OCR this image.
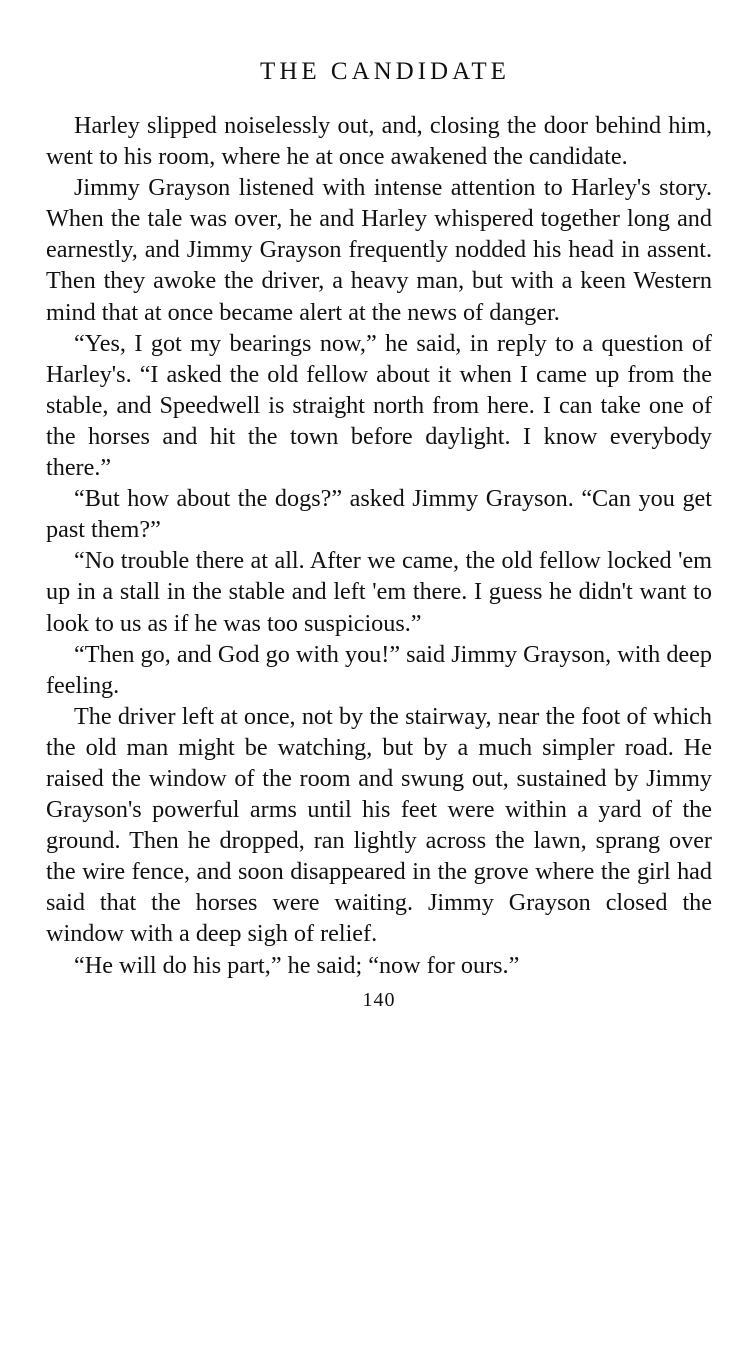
THE CANDIDATE

Harley slipped noiselessly out, and, closing the door behind him, went to his room, where he at once awakened the candidate.

Jimmy Grayson listened with intense attention to Harley's story. When the tale was over, he and Harley whispered together long and earnestly, and Jimmy Grayson frequently nodded his head in assent. Then they awoke the driver, a heavy man, but with a keen Western mind that at once became alert at the news of danger.

“Yes, I got my bearings now,” he said, in reply to a question of Harley's. “I asked the old fellow about it when I came up from the stable, and Speedwell is straight north from here. I can take one of the horses and hit the town before daylight. I know everybody there.”

“But how about the dogs?” asked Jimmy Grayson. “Can you get past them?”

“No trouble there at all. After we came, the old fellow locked 'em up in a stall in the stable and left 'em there. I guess he didn't want to look to us as if he was too suspicious.”

“Then go, and God go with you!” said Jimmy Grayson, with deep feeling.

The driver left at once, not by the stairway, near the foot of which the old man might be watching, but by a much simpler road. He raised the window of the room and swung out, sustained by Jimmy Grayson's powerful arms until his feet were within a yard of the ground. Then he dropped, ran lightly across the lawn, sprang over the wire fence, and soon disappeared in the grove where the girl had said that the horses were waiting. Jimmy Grayson closed the window with a deep sigh of relief.

“He will do his part,” he said; “now for ours.”

140
